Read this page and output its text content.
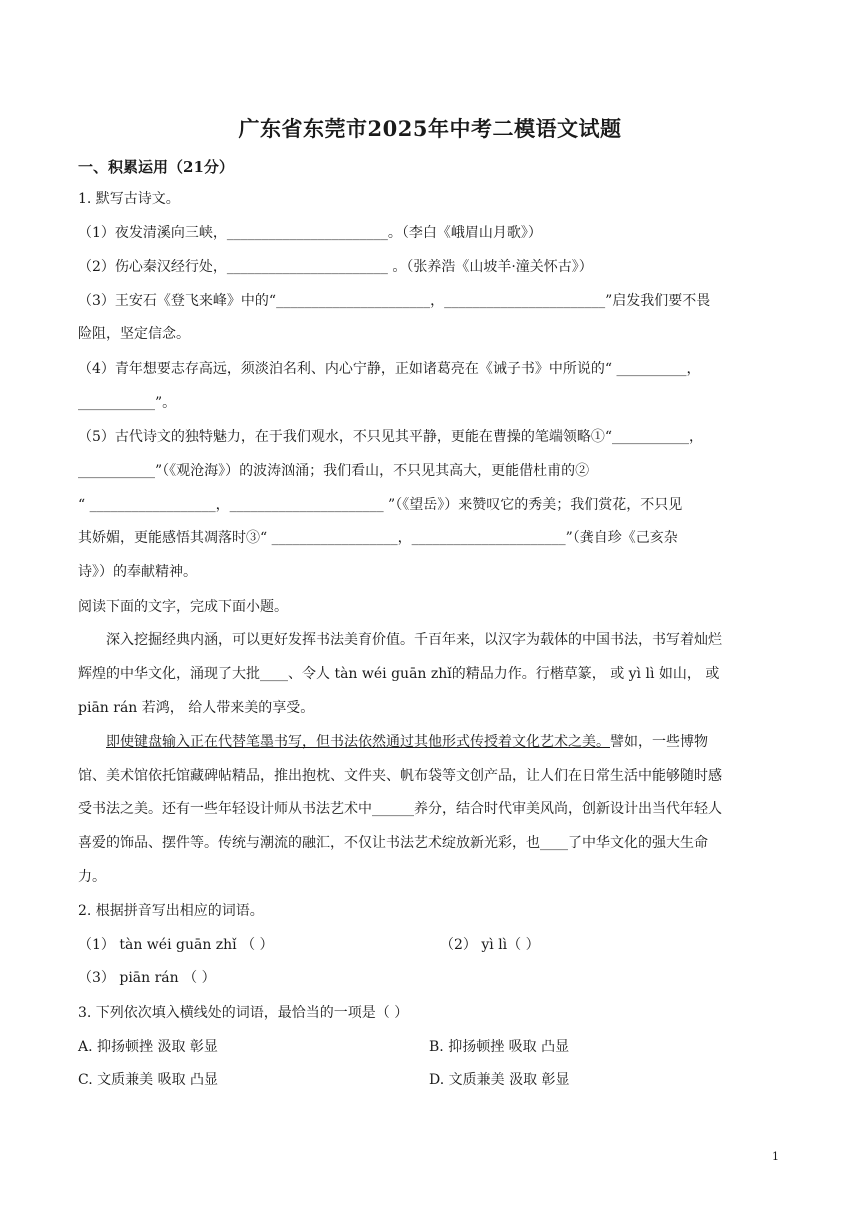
广东省东莞市2025年中考二模语文试题
一、积累运用（21分）
1. 默写古诗文。
（1）夜发清溪向三峡，_______________________。（李白《峨眉山月歌》）
（2）伤心秦汉经行处，_______________________ 。（张养浩《山坡羊·潼关怀古》）
（3）王安石《登飞来峰》中的“______________________，_______________________”启发我们要不畏
险阻，坚定信念。
（4）青年想要志存高远，须淡泊名利、内心宁静，正如诸葛亮在《诫子书》中所说的“ __________，
___________”。
（5）古代诗文的独特魅力，在于我们观水，不只见其平静，更能在曹操的笔端领略①“___________，
___________”（《观沧海》）的波涛汹涌；我们看山，不只见其高大，更能借杜甫的②
“ __________________，______________________ ”（《望岳》）来赞叹它的秀美；我们赏花，不只见
其娇媚，更能感悟其凋落时③“ __________________，______________________”（龚自珍《己亥杂
诗》）的奉献精神。
阅读下面的文字，完成下面小题。
深入挖掘经典内涵，可以更好发挥书法美育价值。千百年来，以汉字为载体的中国书法，书写着灿烂
辉煌的中华文化，涌现了大批____、令人 tàn wéi guān zhǐ的精品力作。行楷草篆， 或 yì lì 如山， 或
piān rán 若鸿， 给人带来美的享受。
即使键盘输入正在代替笔墨书写，但书法依然通过其他形式传授着文化艺术之美。譬如，一些博物
馆、美术馆依托馆藏碑帖精品，推出抱枕、文件夹、帆布袋等文创产品，让人们在日常生活中能够随时感
受书法之美。还有一些年轻设计师从书法艺术中______养分，结合时代审美风尚，创新设计出当代年轻人
喜爱的饰品、摆件等。传统与潮流的融汇，不仅让书法艺术绽放新光彩，也____了中华文化的强大生命
力。
2. 根据拼音写出相应的词语。
（1） tàn wéi guān zhǐ （ ）	（2） yì lì（ ）
（3） piān rán （ ）
3. 下列依次填入横线处的词语，最恰当的一项是（ ）
A. 抑扬顿挫 汲取 彰显	B. 抑扬顿挫 吸取 凸显
C. 文质兼美 吸取 凸显	D. 文质兼美 汲取 彰显
1
